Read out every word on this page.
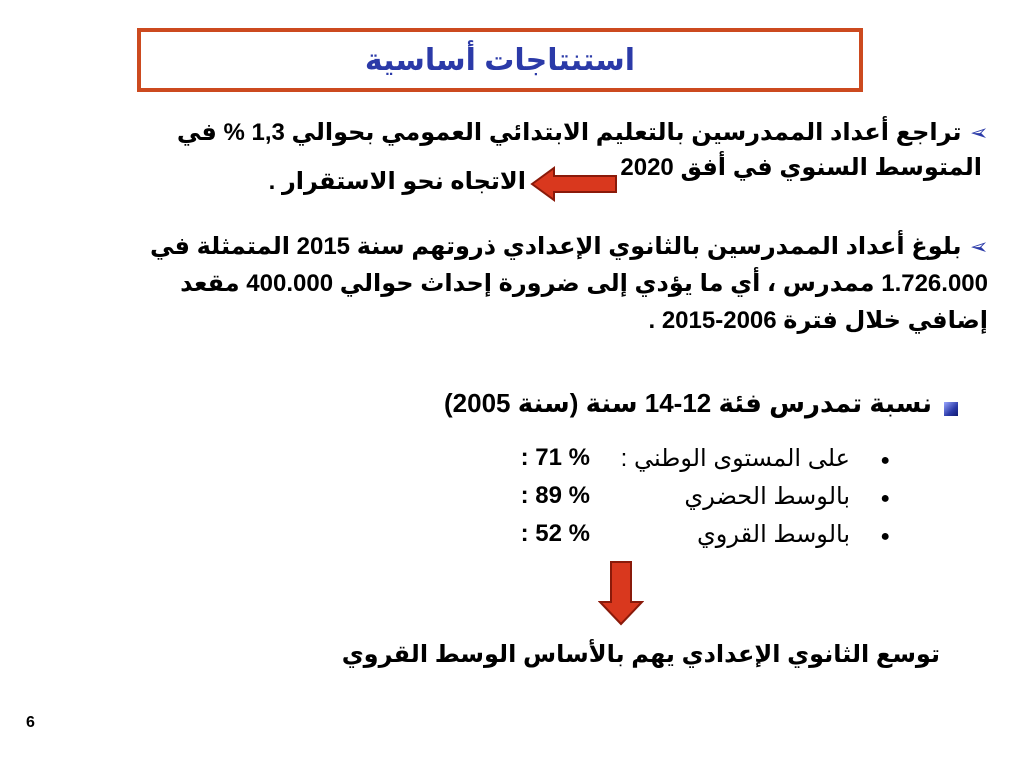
استنتاجات أساسية
➢تراجع أعداد الممدرسين بالتعليم الابتدائي العمومي بحوالي 1,3 % في
المتوسط السنوي في أفق 2020
الاتجاه نحو الاستقرار .
➢بلوغ أعداد الممدرسين بالثانوي الإعدادي ذروتهم سنة 2015 المتمثلة في
1.726.000 ممدرس ، أي ما يؤدي إلى ضرورة إحداث حوالي 400.000 مقعد
إضافي خلال فترة 2006-2015 .
نسبة تمدرس فئة 12-14 سنة (سنة 2005)
●
على المستوى الوطني :
: 71 %
●
بالوسط الحضري
: 89 %
●
بالوسط القروي
: 52 %
توسع الثانوي الإعدادي يهم بالأساس الوسط القروي
6
